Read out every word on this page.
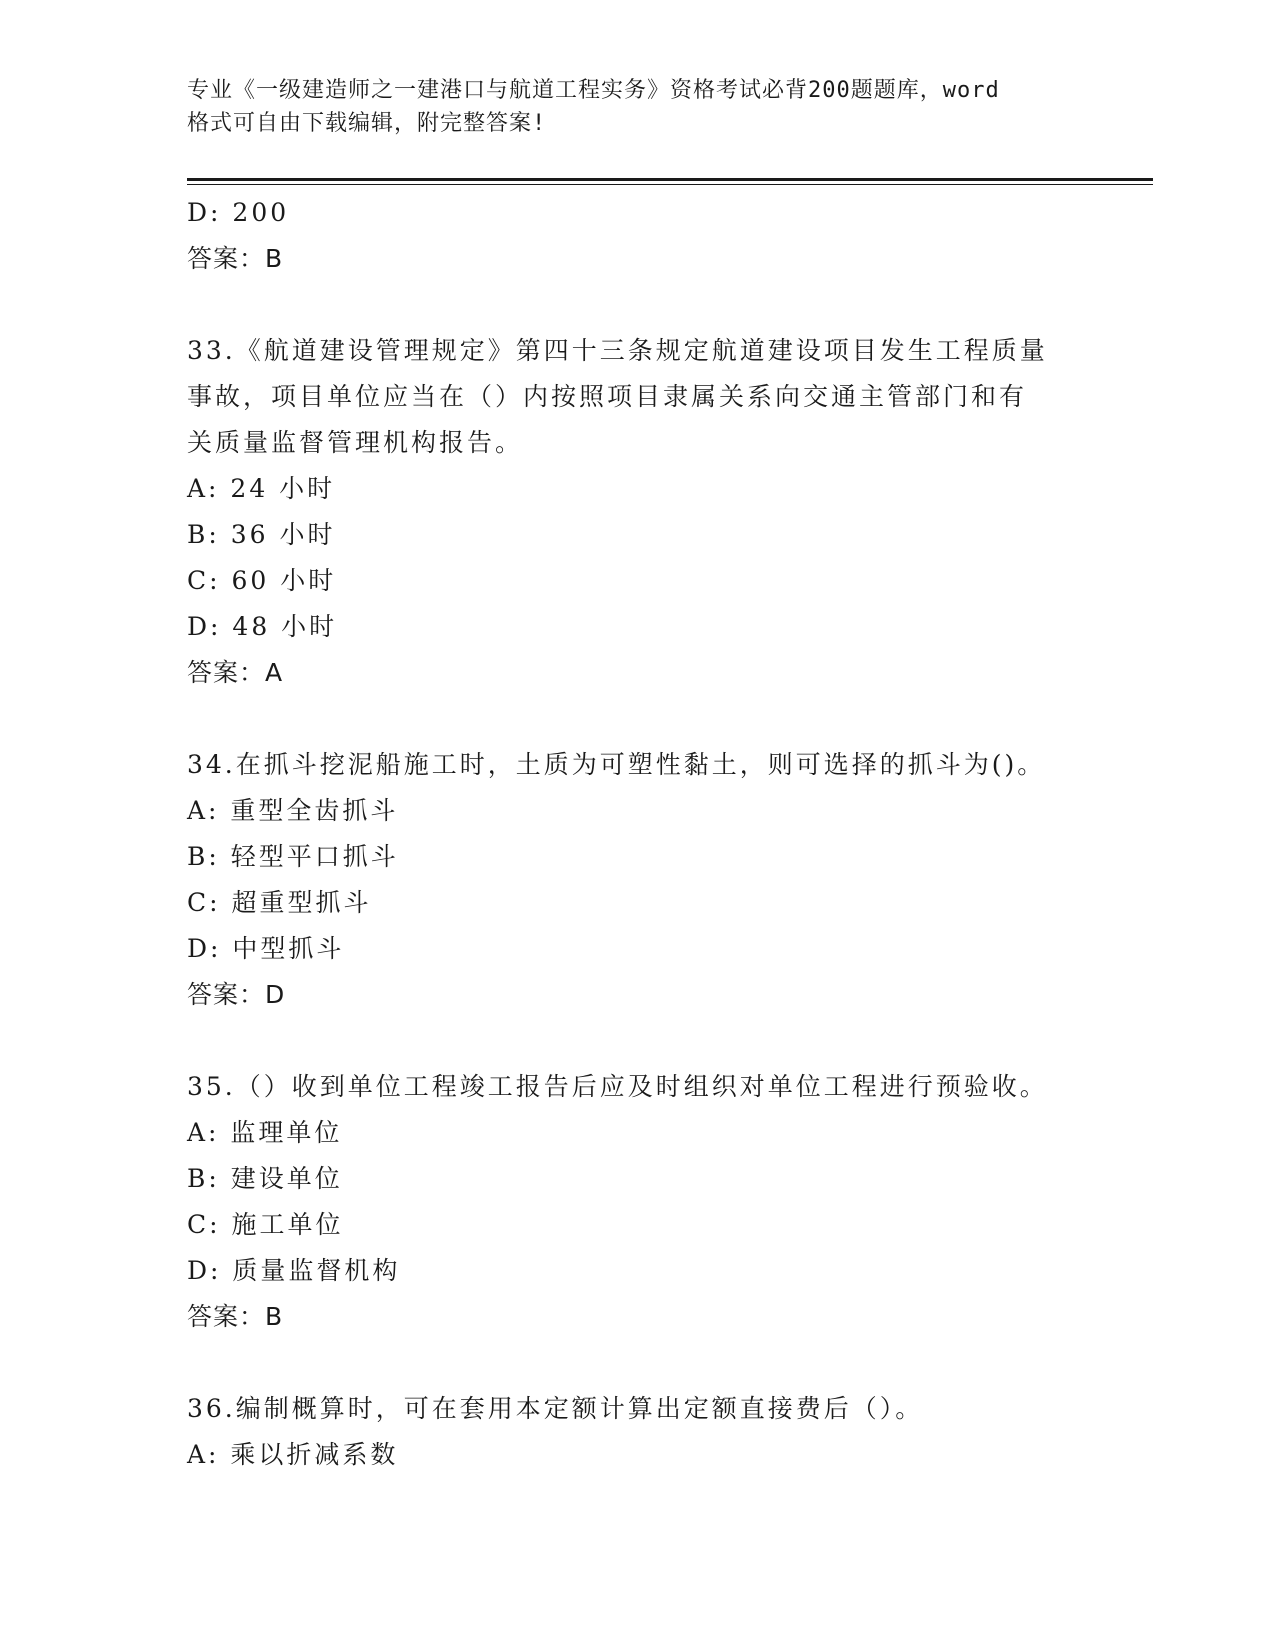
专业《一级建造师之一建港口与航道工程实务》资格考试必背200题题库，word
格式可自由下载编辑，附完整答案!
D: 200
答案：B
33.《航道建设管理规定》第四十三条规定航道建设项目发生工程质量
事故，项目单位应当在（）内按照项目隶属关系向交通主管部门和有
关质量监督管理机构报告。
A: 24 小时
B: 36 小时
C: 60 小时
D: 48 小时
答案：A
34.在抓斗挖泥船施工时，土质为可塑性黏土，则可选择的抓斗为()。
A: 重型全齿抓斗
B: 轻型平口抓斗
C: 超重型抓斗
D: 中型抓斗
答案：D
35.（）收到单位工程竣工报告后应及时组织对单位工程进行预验收。
A: 监理单位
B: 建设单位
C: 施工单位
D: 质量监督机构
答案：B
36.编制概算时，可在套用本定额计算出定额直接费后（）。
A: 乘以折减系数
